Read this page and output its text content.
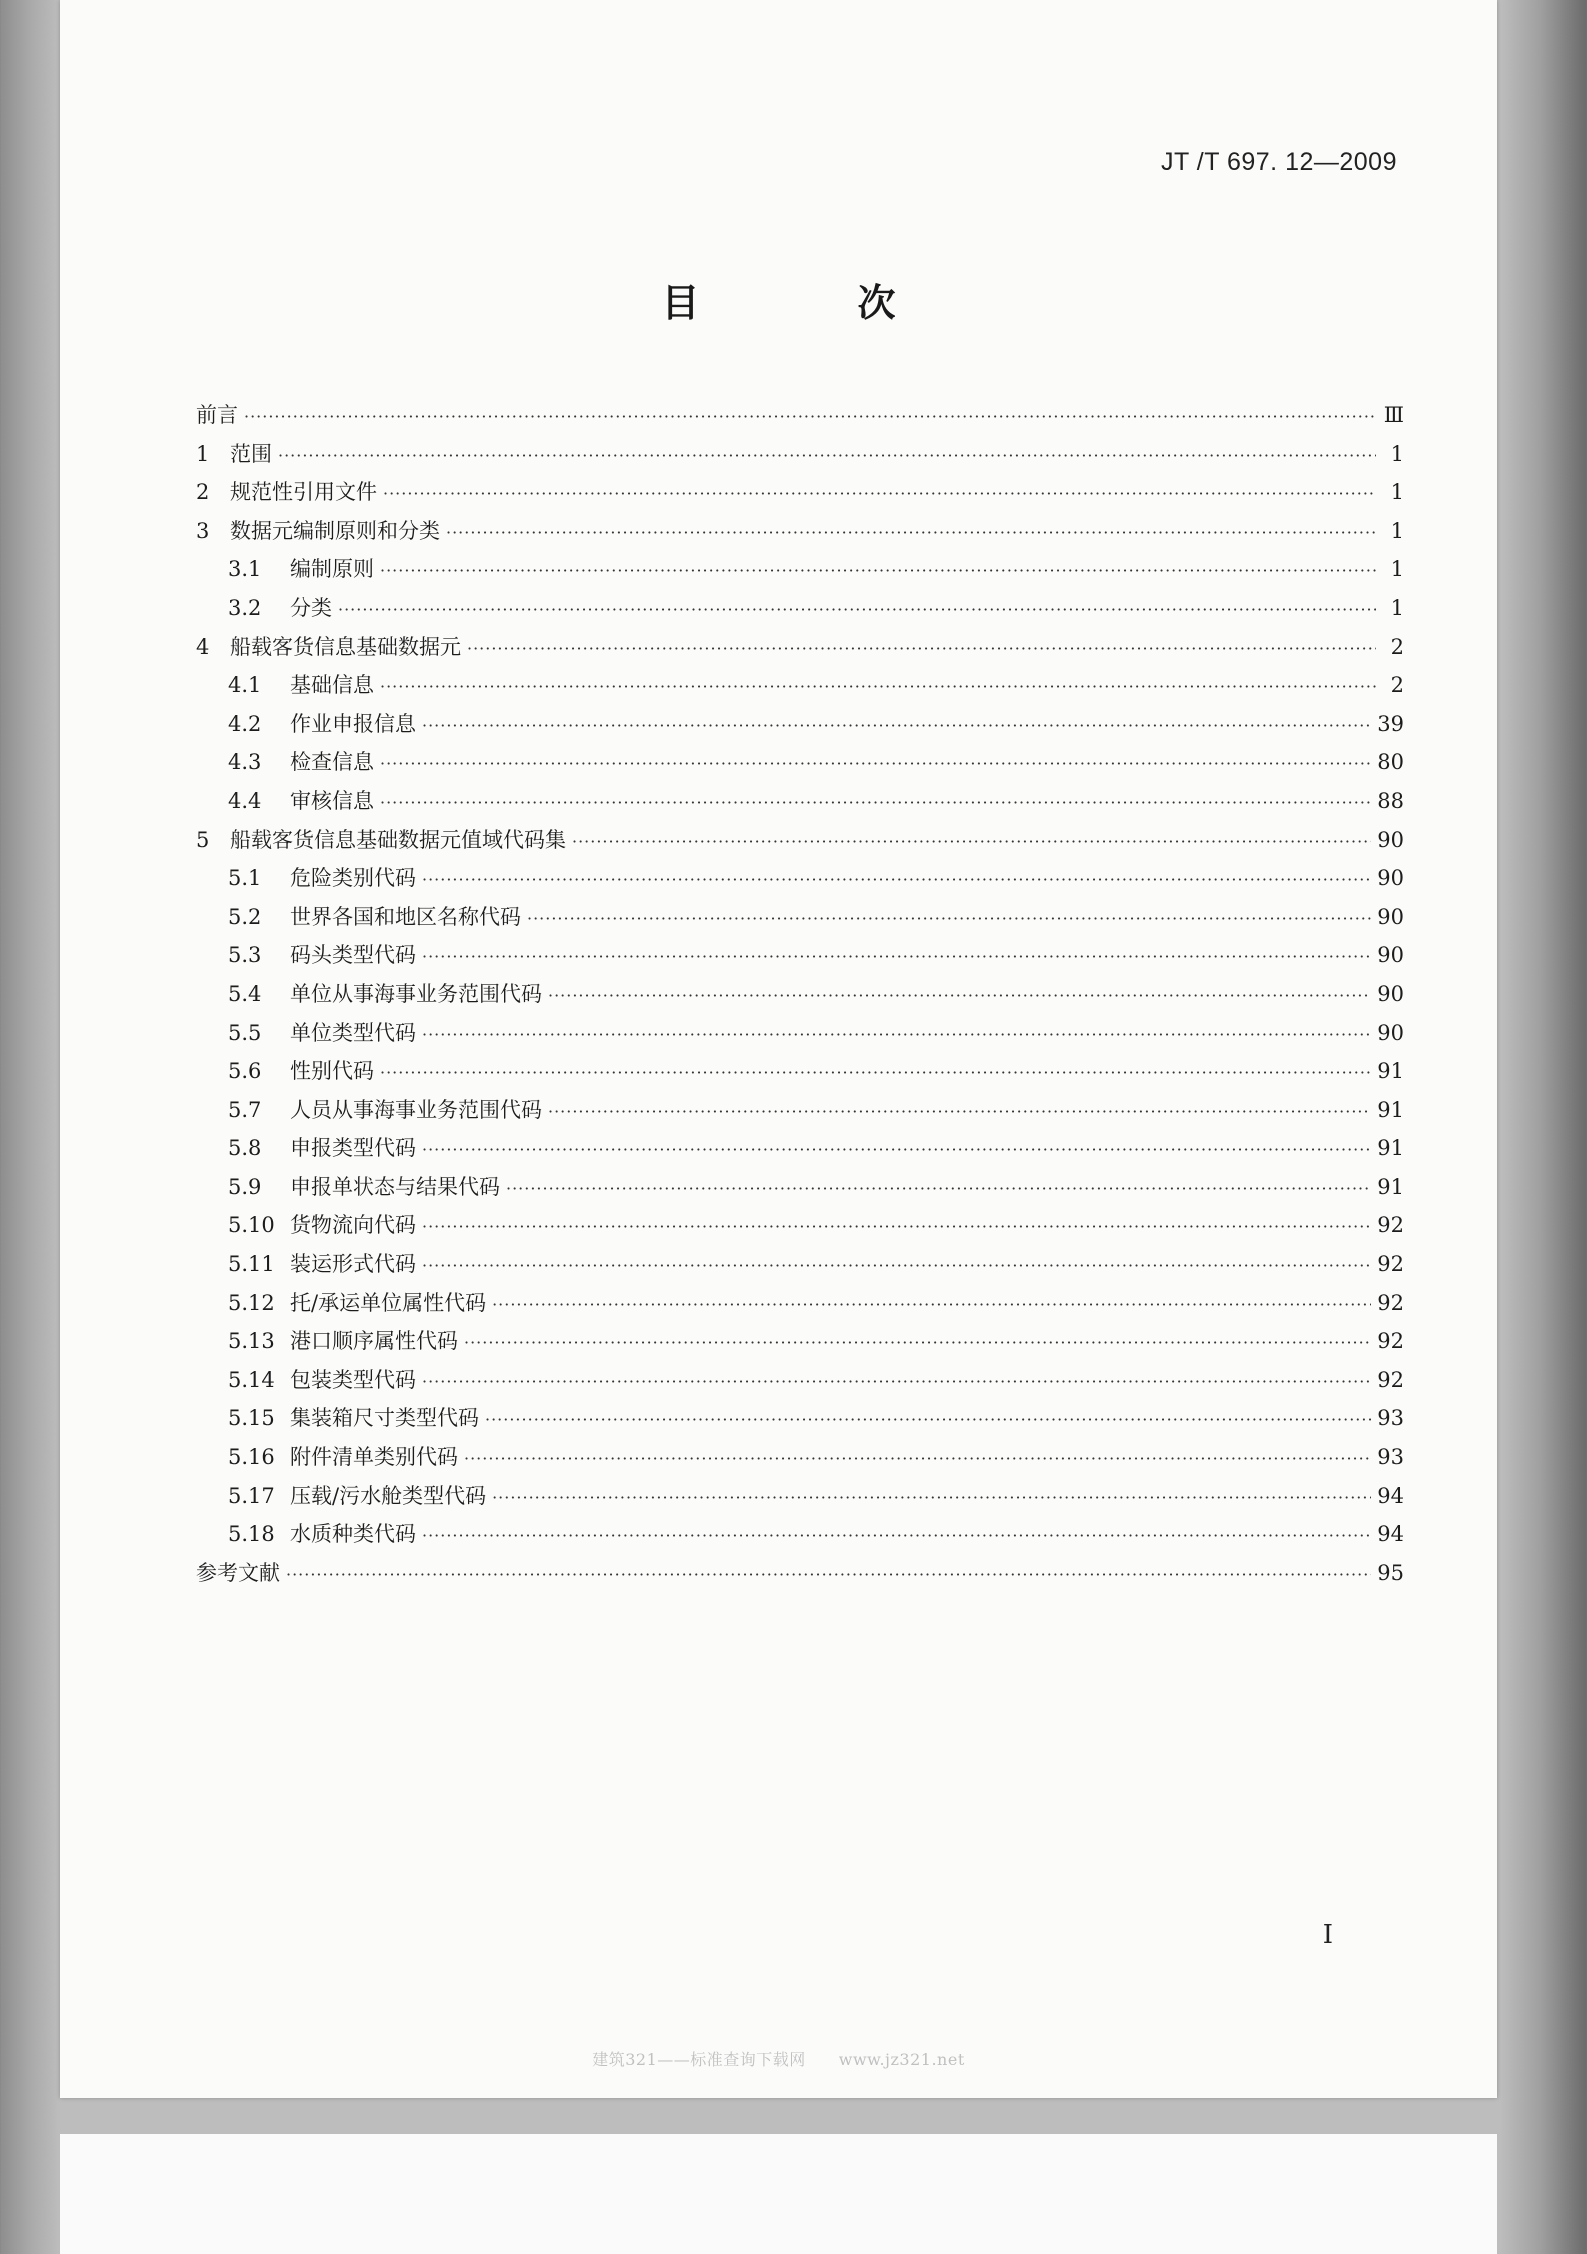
JT /T 697. 12—2009
目　次
前言 ·····	Ⅲ
1 范围 ·····	1
2 规范性引用文件 ·····	1
3 数据元编制原则和分类 ·····	1
3.1	编制原则 ·····	1
3.2	分类 ·····	1
4 船载客货信息基础数据元 ·····	2
4.1	基础信息 ·····	2
4.2	作业申报信息 ·····	39
4.3	检查信息 ·····	80
4.4	审核信息 ·····	88
5 船载客货信息基础数据元值域代码集 ·····	90
5.1	危险类别代码 ·····	90
5.2	世界各国和地区名称代码 ·····	90
5.3	码头类型代码 ·····	90
5.4	单位从事海事业务范围代码 ·····	90
5.5	单位类型代码 ·····	90
5.6	性别代码 ·····	91
5.7	人员从事海事业务范围代码 ·····	91
5.8	申报类型代码 ·····	91
5.9	申报单状态与结果代码 ·····	91
5.10 货物流向代码 ·····	92
5.11 装运形式代码 ·····	92
5.12 托/承运单位属性代码 ·····	92
5.13 港口顺序属性代码 ·····	92
5.14 包装类型代码 ·····	92
5.15 集装箱尺寸类型代码 ·····	93
5.16 附件清单类别代码 ·····	93
5.17 压载/污水舱类型代码 ·····	94
5.18 水质种类代码 ·····	94
参考文献 ·····	95
I
建筑321——标准查询下载网　　www.jz321.net
